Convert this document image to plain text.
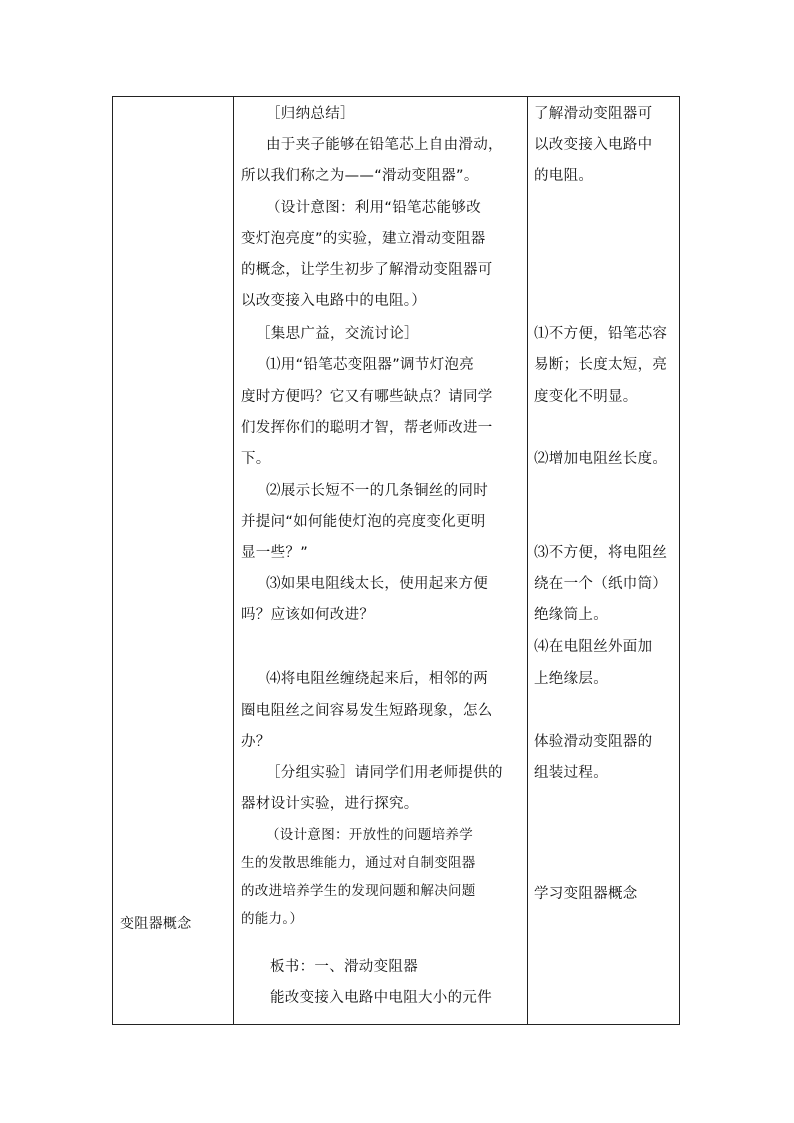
变阻器概念
［归纳总结］
由于夹子能够在铅笔芯上自由滑动，
所以我们称之为——“滑动变阻器”。
（设计意图：利用“铅笔芯能够改
变灯泡亮度”的实验，建立滑动变阻器
的概念，让学生初步了解滑动变阻器可
以改变接入电路中的电阻。）
［集思广益，交流讨论］
⑴用“铅笔芯变阻器”调节灯泡亮
度时方便吗？它又有哪些缺点？请同学
们发挥你们的聪明才智，帮老师改进一
下。
⑵展示长短不一的几条铜丝的同时
并提问“如何能使灯泡的亮度变化更明
显一些？”
⑶如果电阻线太长，使用起来方便
吗？应该如何改进？
⑷将电阻丝缠绕起来后，相邻的两
圈电阻丝之间容易发生短路现象，怎么
办？
［分组实验］请同学们用老师提供的
器材设计实验，进行探究。
（设计意图：开放性的问题培养学
生的发散思维能力，通过对自制变阻器
的改进培养学生的发现问题和解决问题
的能力。）
板书：一、滑动变阻器
能改变接入电路中电阻大小的元件
了解滑动变阻器可
以改变接入电路中
的电阻。
⑴不方便，铅笔芯容
易断；长度太短，亮
度变化不明显。
⑵增加电阻丝长度。
⑶不方便，将电阻丝
绕在一个（纸巾筒）
绝缘筒上。
⑷在电阻丝外面加
上绝缘层。
体验滑动变阻器的
组装过程。
学习变阻器概念
